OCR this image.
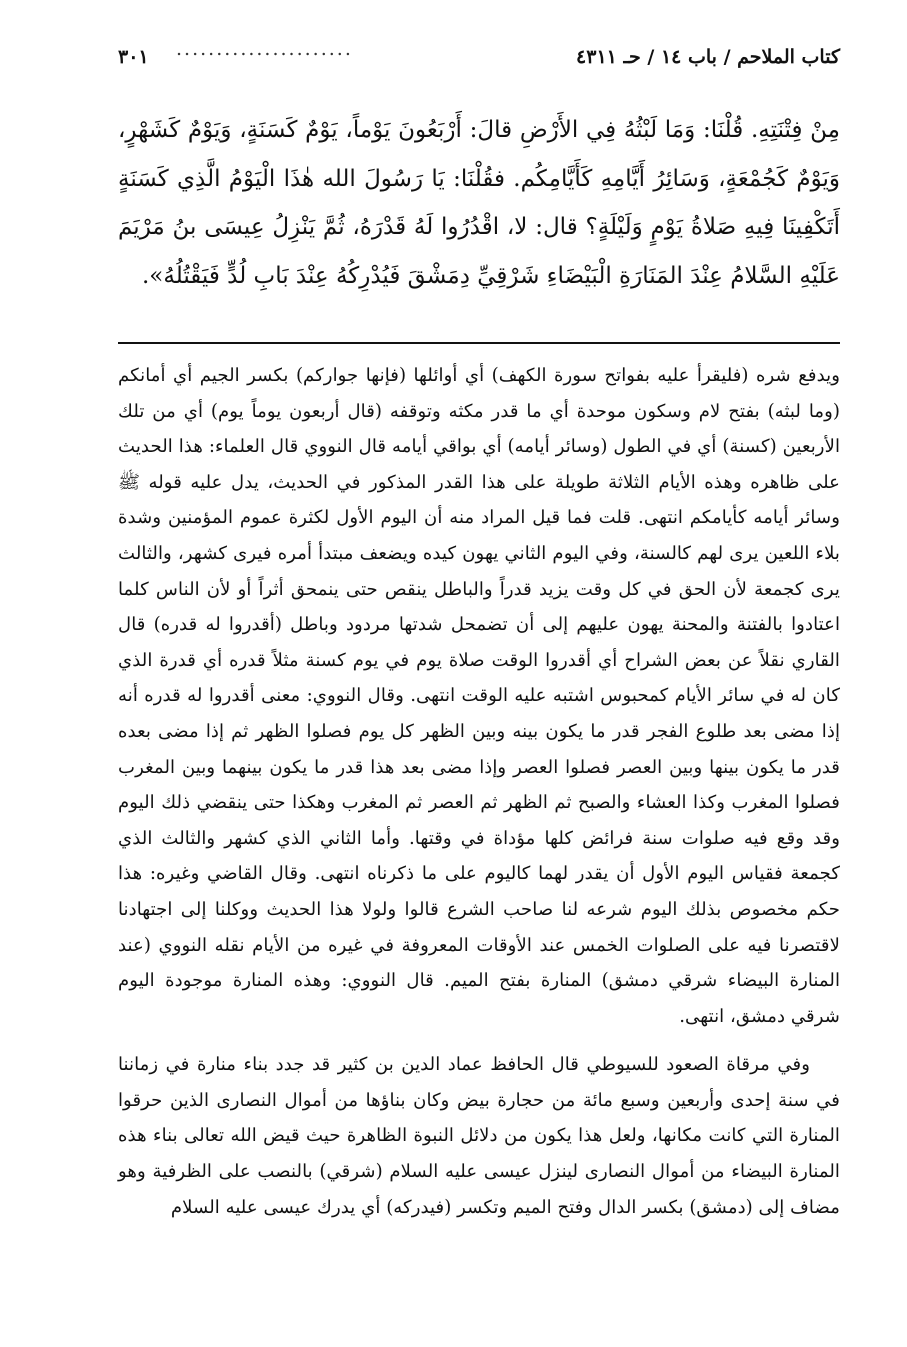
كتاب الملاحم / باب ١٤ / حـ ٤٣١١
......................
٣٠١
مِنْ فِتْنَتِهِ. قُلْنَا: وَمَا لَبْثُهُ فِي الأَرْضِ قالَ: أَرْبَعُونَ يَوْماً، يَوْمٌ كَسَنَةٍ، وَيَوْمٌ كَشَهْرٍ، وَيَوْمٌ كَجُمْعَةٍ، وَسَائِرُ أَيَّامِهِ كَأَيَّامِكُم. فقُلْنَا: يَا رَسُولَ الله هٰذَا الْيَوْمُ الَّذِي كَسَنَةٍ أَتَكْفِينَا فِيهِ صَلاةُ يَوْمٍ وَلَيْلَةٍ؟ قال: لا، اقْدُرُوا لَهُ قَدْرَهُ، ثُمَّ يَنْزِلُ عِيسَى بنُ مَرْيَمَ عَلَيْهِ السَّلامُ عِنْدَ المَنَارَةِ الْبَيْضَاءِ شَرْقِيِّ دِمَشْقَ فَيُدْرِكُهُ عِنْدَ بَابِ لُدٍّ فَيَقْتُلُهُ».

ويدفع شره (فليقرأ عليه بفواتح سورة الكهف) أي أوائلها (فإنها جواركم) بكسر الجيم أي أمانكم (وما لبثه) بفتح لام وسكون موحدة أي ما قدر مكثه وتوقفه (قال أربعون يوماً يوم) أي من تلك الأربعين (كسنة) أي في الطول (وسائر أيامه) أي بواقي أيامه قال النووي قال العلماء: هذا الحديث على ظاهره وهذه الأيام الثلاثة طويلة على هذا القدر المذكور في الحديث، يدل عليه قوله ﷺ وسائر أيامه كأيامكم انتهى. قلت فما قيل المراد منه أن اليوم الأول لكثرة عموم المؤمنين وشدة بلاء اللعين يرى لهم كالسنة، وفي اليوم الثاني يهون كيده ويضعف مبتدأ أمره فيرى كشهر، والثالث يرى كجمعة لأن الحق في كل وقت يزيد قدراً والباطل ينقص حتى ينمحق أثراً أو لأن الناس كلما اعتادوا بالفتنة والمحنة يهون عليهم إلى أن تضمحل شدتها مردود وباطل (أقدروا له قدره) قال القاري نقلاً عن بعض الشراح أي أقدروا الوقت صلاة يوم في يوم كسنة مثلاً قدره أي قدرة الذي كان له في سائر الأيام كمحبوس اشتبه عليه الوقت انتهى. وقال النووي: معنى أقدروا له قدره أنه إذا مضى بعد طلوع الفجر قدر ما يكون بينه وبين الظهر كل يوم فصلوا الظهر ثم إذا مضى بعده قدر ما يكون بينها وبين العصر فصلوا العصر وإذا مضى بعد هذا قدر ما يكون بينهما وبين المغرب فصلوا المغرب وكذا العشاء والصبح ثم الظهر ثم العصر ثم المغرب وهكذا حتى ينقضي ذلك اليوم وقد وقع فيه صلوات سنة فرائض كلها مؤداة في وقتها. وأما الثاني الذي كشهر والثالث الذي كجمعة فقياس اليوم الأول أن يقدر لهما كاليوم على ما ذكرناه انتهى. وقال القاضي وغيره: هذا حكم مخصوص بذلك اليوم شرعه لنا صاحب الشرع قالوا ولولا هذا الحديث ووكلنا إلى اجتهادنا لاقتصرنا فيه على الصلوات الخمس عند الأوقات المعروفة في غيره من الأيام نقله النووي (عند المنارة البيضاء شرقي دمشق) المنارة بفتح الميم. قال النووي: وهذه المنارة موجودة اليوم شرقي دمشق، انتهى.

وفي مرقاة الصعود للسيوطي قال الحافظ عماد الدين بن كثير قد جدد بناء منارة في زماننا في سنة إحدى وأربعين وسبع مائة من حجارة بيض وكان بناؤها من أموال النصارى الذين حرقوا المنارة التي كانت مكانها، ولعل هذا يكون من دلائل النبوة الظاهرة حيث قيض الله تعالى بناء هذه المنارة البيضاء من أموال النصارى لينزل عيسى عليه السلام (شرقي) بالنصب على الظرفية وهو مضاف إلى (دمشق) بكسر الدال وفتح الميم وتكسر (فيدركه) أي يدرك عيسى عليه السلام
